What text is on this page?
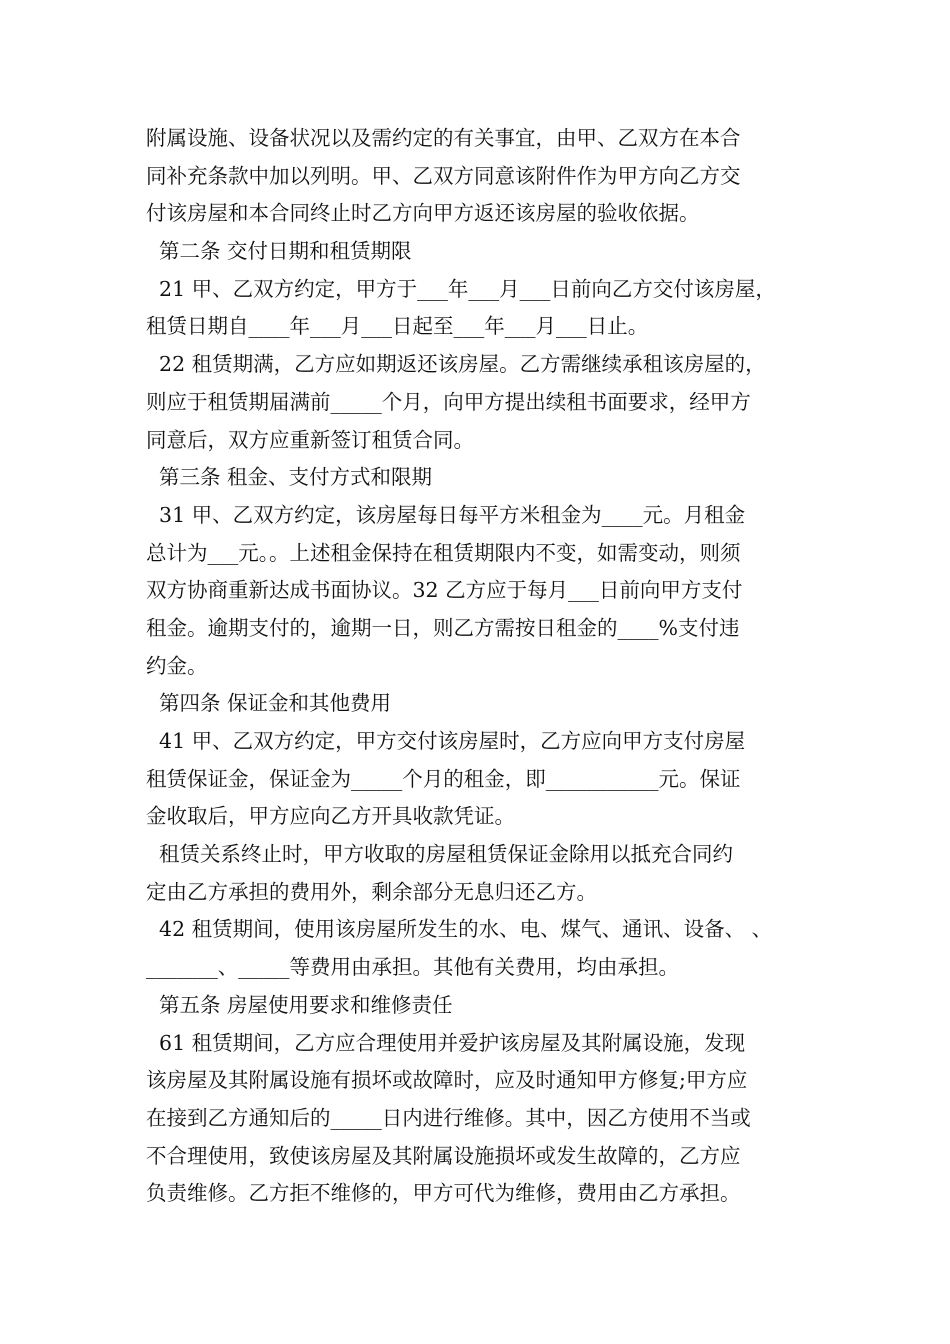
附属设施、设备状况以及需约定的有关事宜，由甲、乙双方在本合
同补充条款中加以列明。甲、乙双方同意该附件作为甲方向乙方交
付该房屋和本合同终止时乙方向甲方返还该房屋的验收依据。
第二条 交付日期和租赁期限
21 甲、乙双方约定，甲方于___年___月___日前向乙方交付该房屋，
租赁日期自____年___月___日起至___年___月___日止。
22 租赁期满，乙方应如期返还该房屋。乙方需继续承租该房屋的，
则应于租赁期届满前_____个月，向甲方提出续租书面要求，经甲方
同意后，双方应重新签订租赁合同。
第三条 租金、支付方式和限期
31 甲、乙双方约定，该房屋每日每平方米租金为____元。月租金
总计为___元。。上述租金保持在租赁期限内不变，如需变动，则须
双方协商重新达成书面协议。32 乙方应于每月___日前向甲方支付
租金。逾期支付的，逾期一日，则乙方需按日租金的____%支付违
约金。
第四条 保证金和其他费用
41 甲、乙双方约定，甲方交付该房屋时，乙方应向甲方支付房屋
租赁保证金，保证金为_____个月的租金，即___________元。保证
金收取后，甲方应向乙方开具收款凭证。
租赁关系终止时，甲方收取的房屋租赁保证金除用以抵充合同约
定由乙方承担的费用外，剩余部分无息归还乙方。
42 租赁期间，使用该房屋所发生的水、电、煤气、通讯、设备、 、
_______、_____等费用由承担。其他有关费用，均由承担。
第五条 房屋使用要求和维修责任
61 租赁期间，乙方应合理使用并爱护该房屋及其附属设施，发现
该房屋及其附属设施有损坏或故障时，应及时通知甲方修复;甲方应
在接到乙方通知后的_____日内进行维修。其中，因乙方使用不当或
不合理使用，致使该房屋及其附属设施损坏或发生故障的，乙方应
负责维修。乙方拒不维修的，甲方可代为维修，费用由乙方承担。
